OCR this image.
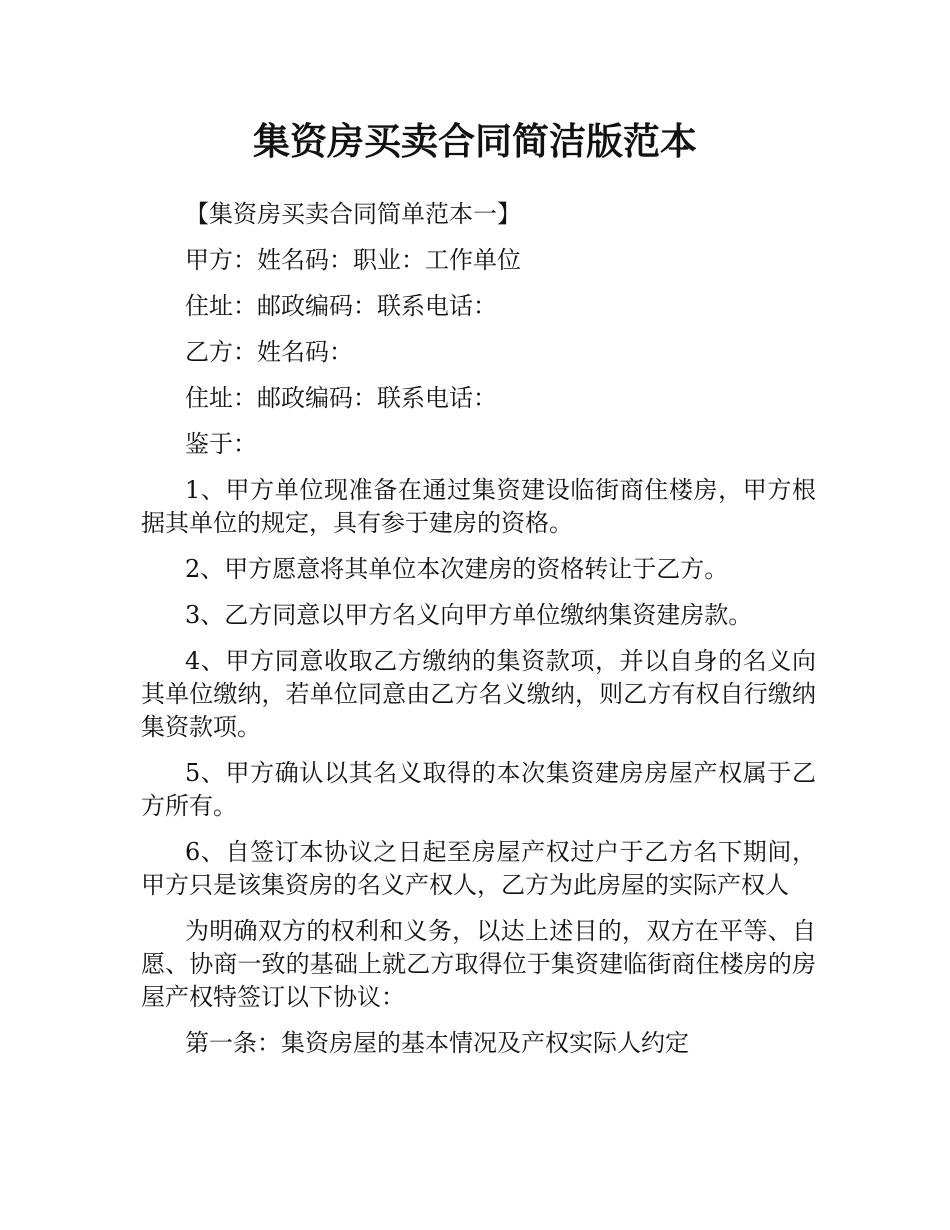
集资房买卖合同简洁版范本

【集资房买卖合同简单范本一】

甲方：姓名码：职业：工作单位

住址：邮政编码：联系电话：

乙方：姓名码：

住址：邮政编码：联系电话：

鉴于：

1、甲方单位现准备在通过集资建设临街商住楼房，甲方根据其单位的规定，具有参于建房的资格。

2、甲方愿意将其单位本次建房的资格转让于乙方。

3、乙方同意以甲方名义向甲方单位缴纳集资建房款。

4、甲方同意收取乙方缴纳的集资款项，并以自身的名义向其单位缴纳，若单位同意由乙方名义缴纳，则乙方有权自行缴纳集资款项。

5、甲方确认以其名义取得的本次集资建房房屋产权属于乙方所有。

6、自签订本协议之日起至房屋产权过户于乙方名下期间，甲方只是该集资房的名义产权人，乙方为此房屋的实际产权人

为明确双方的权利和义务，以达上述目的，双方在平等、自愿、协商一致的基础上就乙方取得位于集资建临街商住楼房的房屋产权特签订以下协议：

第一条：集资房屋的基本情况及产权实际人约定
